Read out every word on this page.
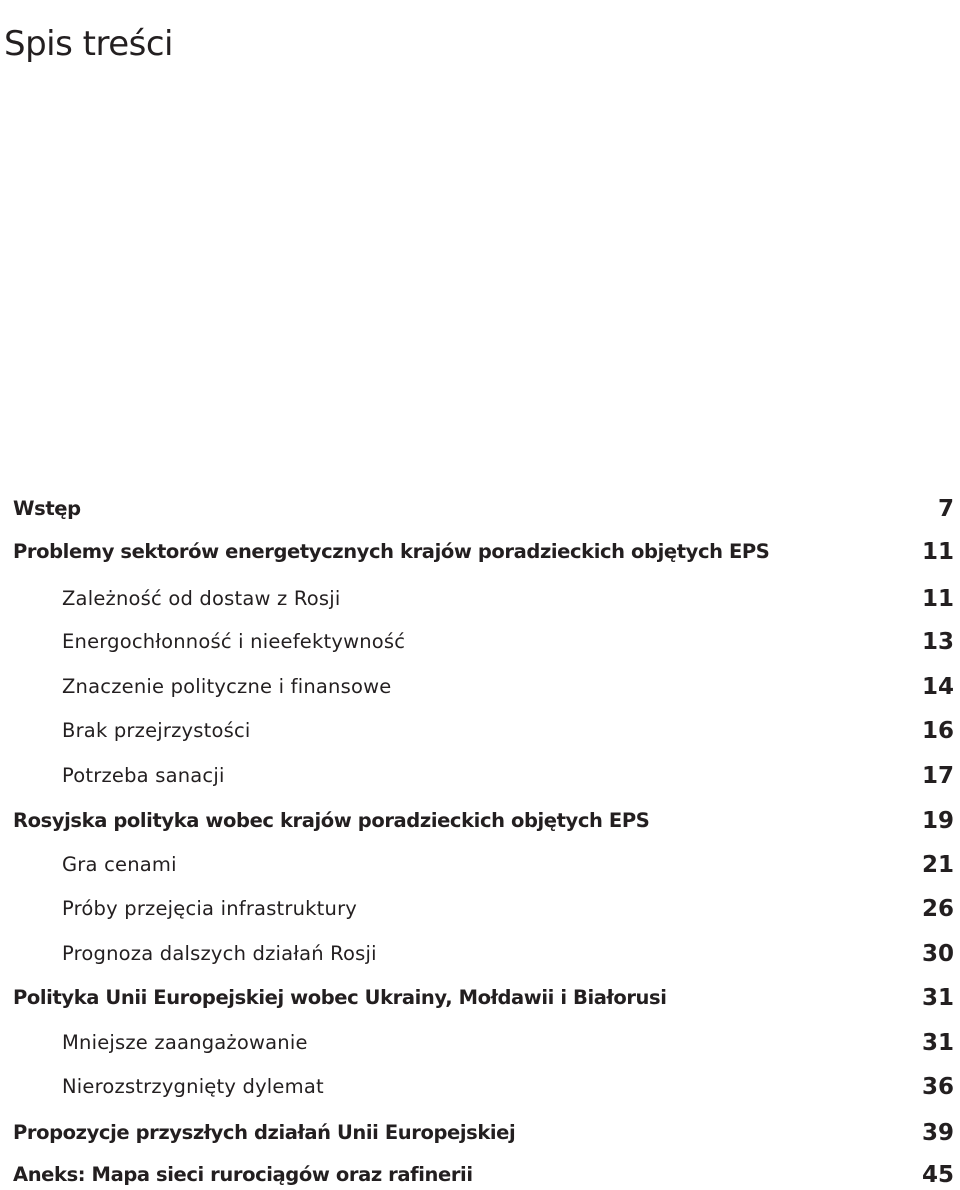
Spis treści
Wstęp	7
Problemy sektorów energetycznych krajów poradzieckich objętych EPS	11
Zależność od dostaw z Rosji	11
Energochłonność i nieefektywność	13
Znaczenie polityczne i finansowe	14
Brak przejrzystości	16
Potrzeba sanacji	17
Rosyjska polityka wobec krajów poradzieckich objętych EPS	19
Gra cenami	21
Próby przejęcia infrastruktury	26
Prognoza dalszych działań Rosji	30
Polityka Unii Europejskiej wobec Ukrainy, Mołdawii i Białorusi	31
Mniejsze zaangażowanie	31
Nierozstrzygnięty dylemat	36
Propozycje przyszłych działań Unii Europejskiej	39
Aneks: Mapa sieci rurociągów oraz rafinerii	45
